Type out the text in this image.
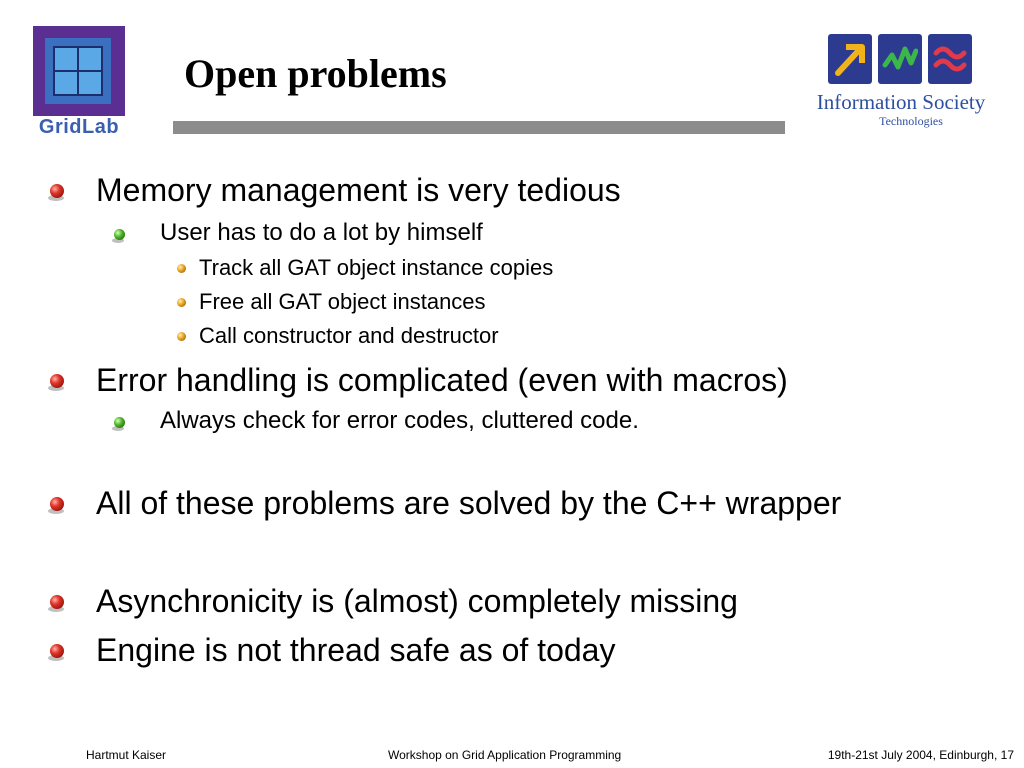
GridLab
Open problems
Information Society
Technologies
Memory management is very tedious
User has to do a lot by himself
Track all GAT object instance copies
Free all GAT object instances
Call constructor and destructor
Error handling is complicated (even with macros)
Always check for error codes, cluttered code.
All of these problems are solved by the C++ wrapper
Asynchronicity is (almost) completely missing
Engine is not thread safe as of today
Hartmut Kaiser	Workshop on Grid Application Programming	19th-21st July 2004, Edinburgh, 17
